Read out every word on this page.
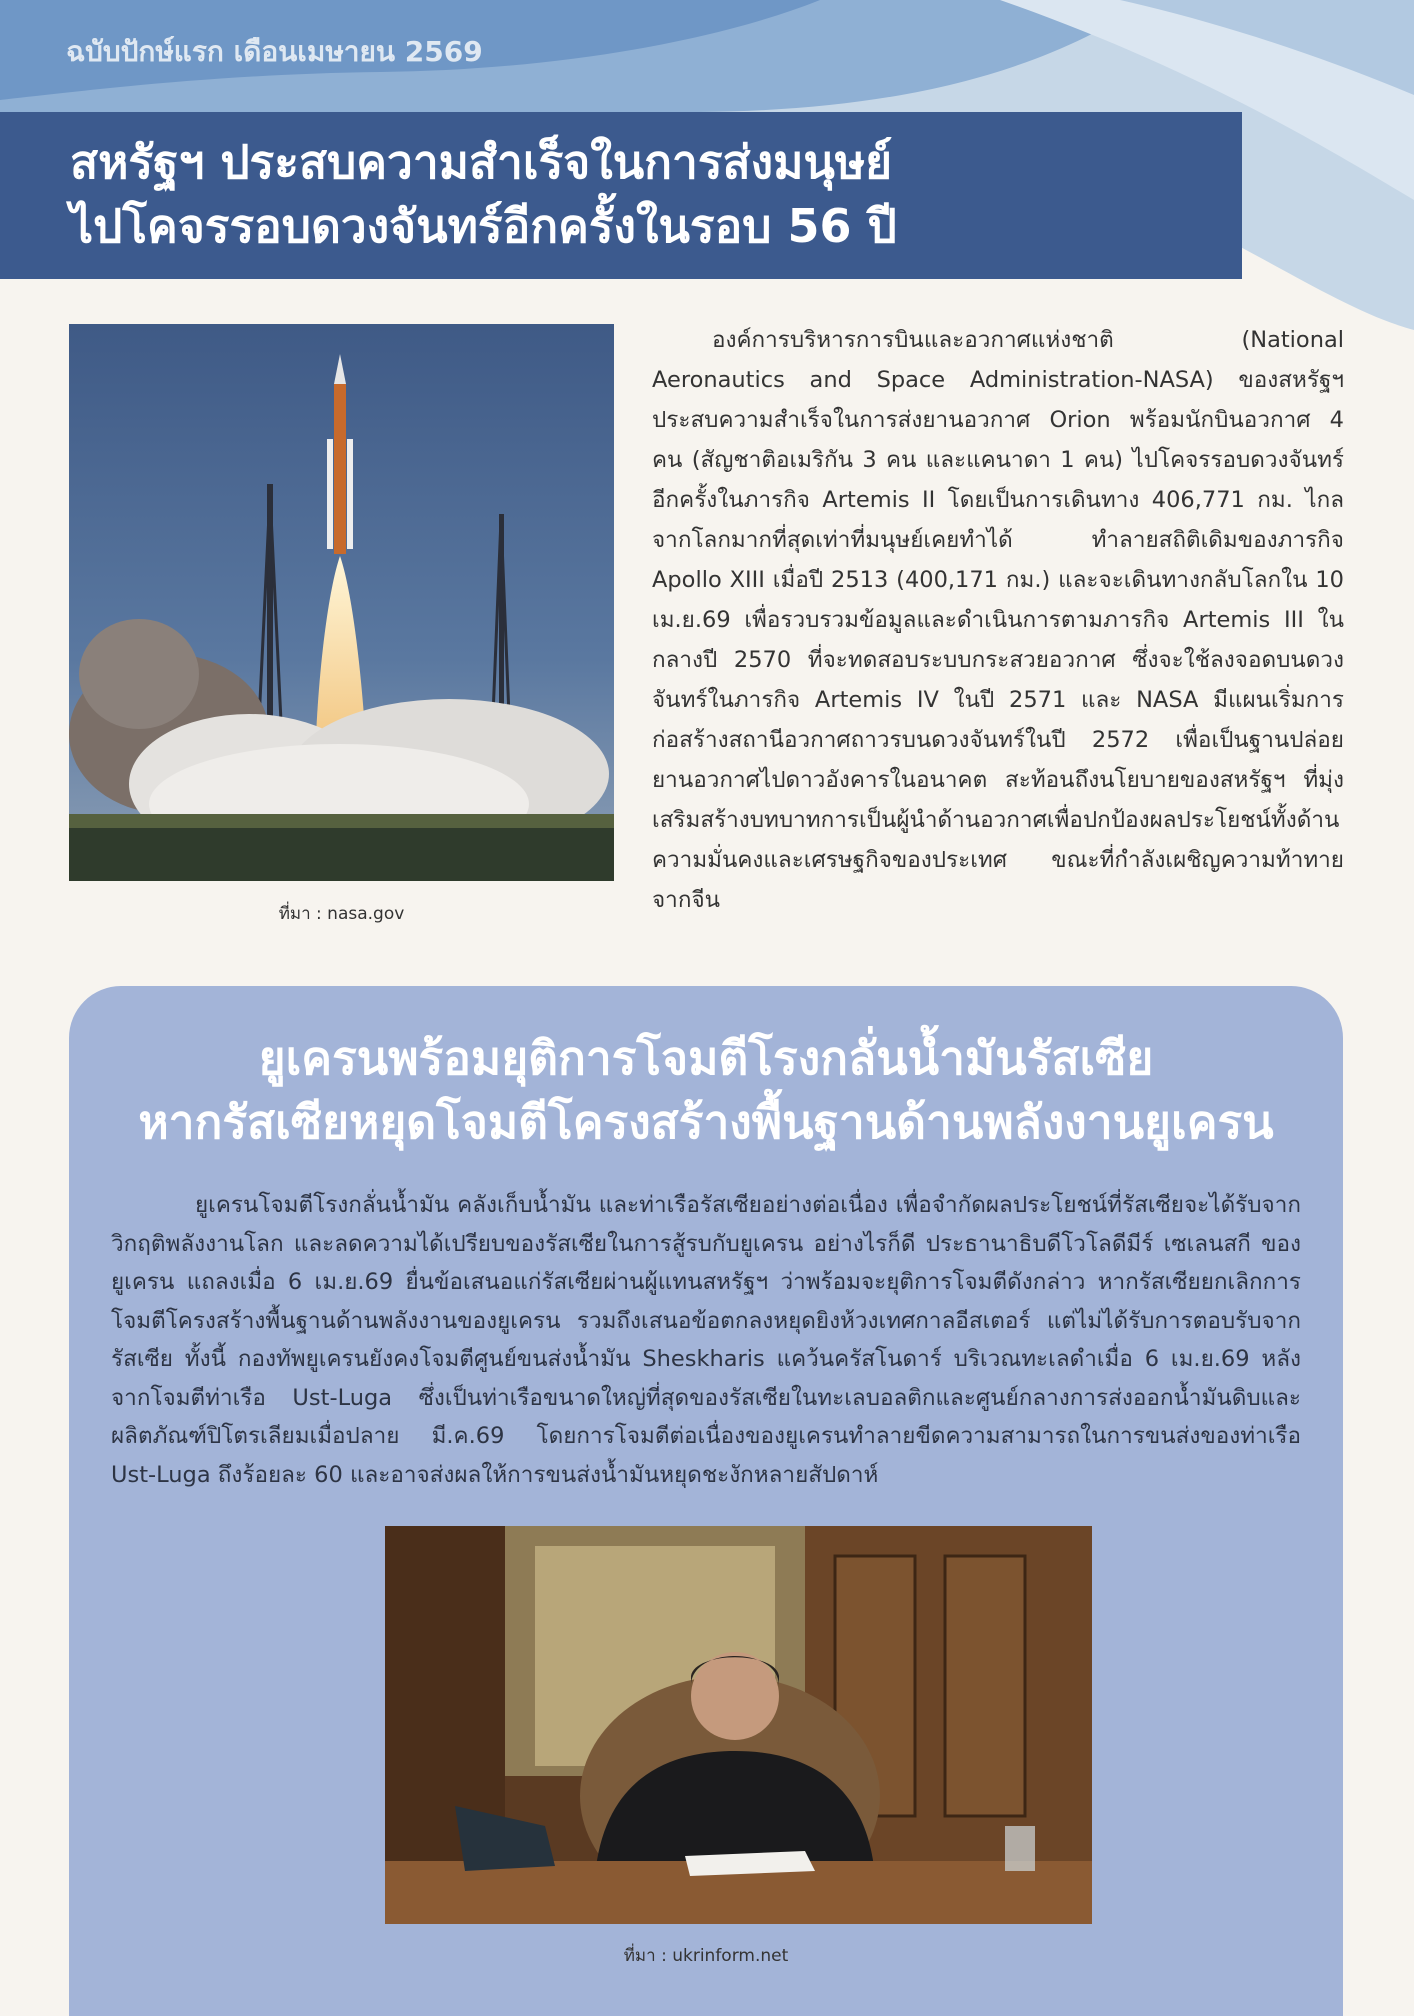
ฉบับปักษ์แรก เดือนเมษายน 2569
สหรัฐฯ ประสบความสำเร็จในการส่งมนุษย์
ไปโคจรรอบดวงจันทร์อีกครั้งในรอบ 56 ปี
ที่มา : nasa.gov

องค์การบริหารการบินและอวกาศแห่งชาติ (National Aeronautics and Space Administration-NASA) ของสหรัฐฯ ประสบความสำเร็จในการส่งยานอวกาศ Orion พร้อมนักบินอวกาศ 4 คน (สัญชาติอเมริกัน 3 คน และแคนาดา 1 คน) ไปโคจรรอบดวงจันทร์อีกครั้งในภารกิจ Artemis II โดยเป็นการเดินทาง 406,771 กม. ไกลจากโลกมากที่สุดเท่าที่มนุษย์เคยทำได้ ทำลายสถิติเดิมของภารกิจ Apollo XIII เมื่อปี 2513 (400,171 กม.) และจะเดินทางกลับโลกใน 10 เม.ย.69 เพื่อรวบรวมข้อมูลและดำเนินการตามภารกิจ Artemis III ในกลางปี 2570 ที่จะทดสอบระบบกระสวยอวกาศ ซึ่งจะใช้ลงจอดบนดวงจันทร์ในภารกิจ Artemis IV ในปี 2571 และ NASA มีแผนเริ่มการก่อสร้างสถานีอวกาศถาวรบนดวงจันทร์ในปี 2572 เพื่อเป็นฐานปล่อยยานอวกาศไปดาวอังคารในอนาคต สะท้อนถึงนโยบายของสหรัฐฯ ที่มุ่งเสริมสร้างบทบาทการเป็นผู้นำด้านอวกาศเพื่อปกป้องผลประโยชน์ทั้งด้านความมั่นคงและเศรษฐกิจของประเทศ ขณะที่กำลังเผชิญความท้าทายจากจีน

ยูเครนพร้อมยุติการโจมตีโรงกลั่นน้ำมันรัสเซีย
หากรัสเซียหยุดโจมตีโครงสร้างพื้นฐานด้านพลังงานยูเครน

ยูเครนโจมตีโรงกลั่นน้ำมัน คลังเก็บน้ำมัน และท่าเรือรัสเซียอย่างต่อเนื่อง เพื่อจำกัดผลประโยชน์ที่รัสเซียจะได้รับจากวิกฤติพลังงานโลก และลดความได้เปรียบของรัสเซียในการสู้รบกับยูเครน อย่างไรก็ดี ประธานาธิบดีโวโลดีมีร์ เซเลนสกี ของยูเครน แถลงเมื่อ 6 เม.ย.69 ยื่นข้อเสนอแก่รัสเซียผ่านผู้แทนสหรัฐฯ ว่าพร้อมจะยุติการโจมตีดังกล่าว หากรัสเซียยกเลิกการโจมตีโครงสร้างพื้นฐานด้านพลังงานของยูเครน รวมถึงเสนอข้อตกลงหยุดยิงห้วงเทศกาลอีสเตอร์ แต่ไม่ได้รับการตอบรับจากรัสเซีย ทั้งนี้ กองทัพยูเครนยังคงโจมตีศูนย์ขนส่งน้ำมัน Sheskharis แคว้นครัสโนดาร์ บริเวณทะเลดำเมื่อ 6 เม.ย.69 หลังจากโจมตีท่าเรือ Ust-Luga ซึ่งเป็นท่าเรือขนาดใหญ่ที่สุดของรัสเซียในทะเลบอลติกและศูนย์กลางการส่งออกน้ำมันดิบและผลิตภัณฑ์ปิโตรเลียมเมื่อปลาย มี.ค.69 โดยการโจมตีต่อเนื่องของยูเครนทำลายขีดความสามารถในการขนส่งของท่าเรือ Ust-Luga ถึงร้อยละ 60 และอาจส่งผลให้การขนส่งน้ำมันหยุดชะงักหลายสัปดาห์

ที่มา : ukrinform.net
